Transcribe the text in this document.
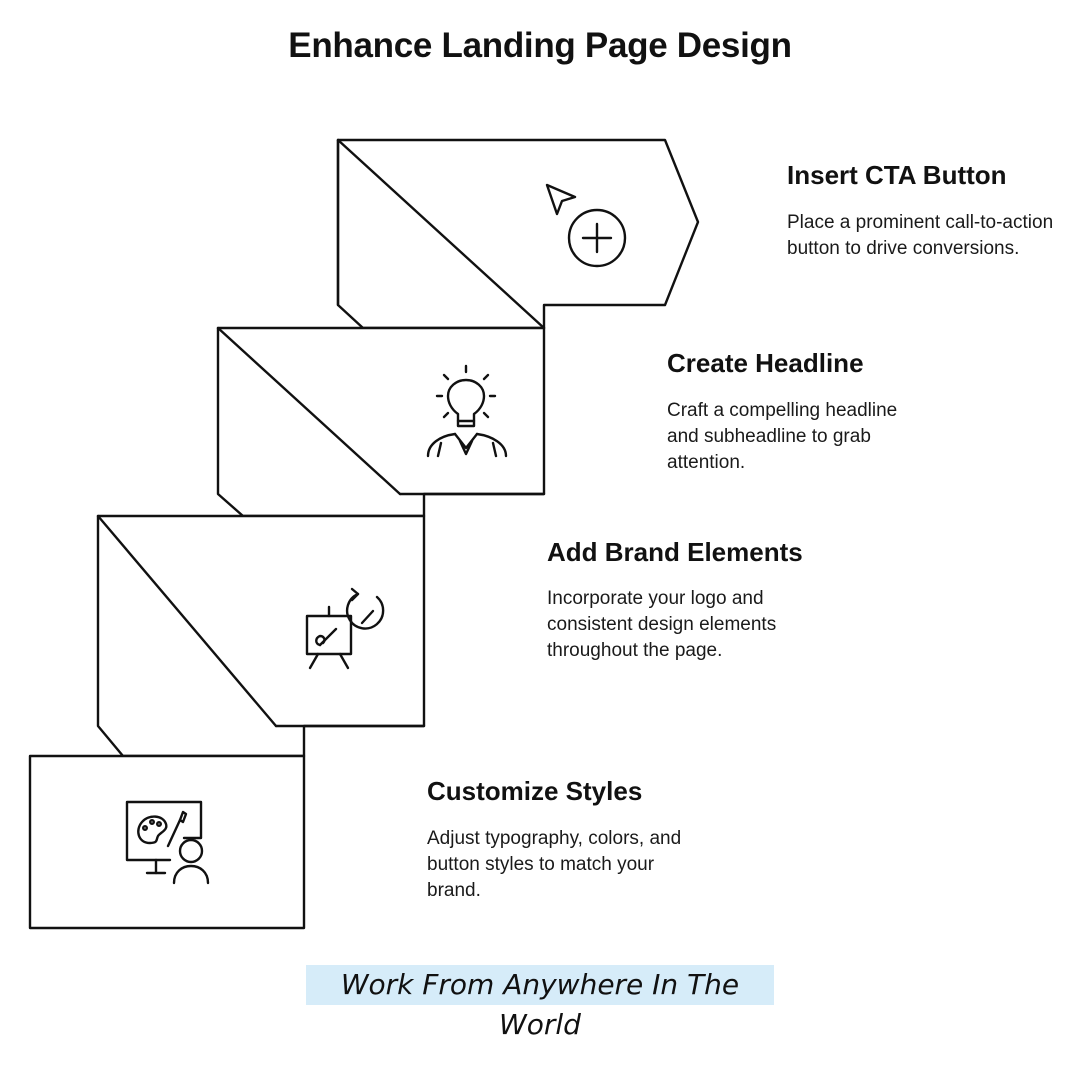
Enhance Landing Page Design
Insert CTA Button

Place a prominent call-to-action button to drive conversions.

Create Headline

Craft a compelling headline and subheadline to grab attention.

Add Brand Elements

Incorporate your logo and consistent design elements throughout the page.

Customize Styles

Adjust typography, colors, and button styles to match your brand.

Work From Anywhere In The World
